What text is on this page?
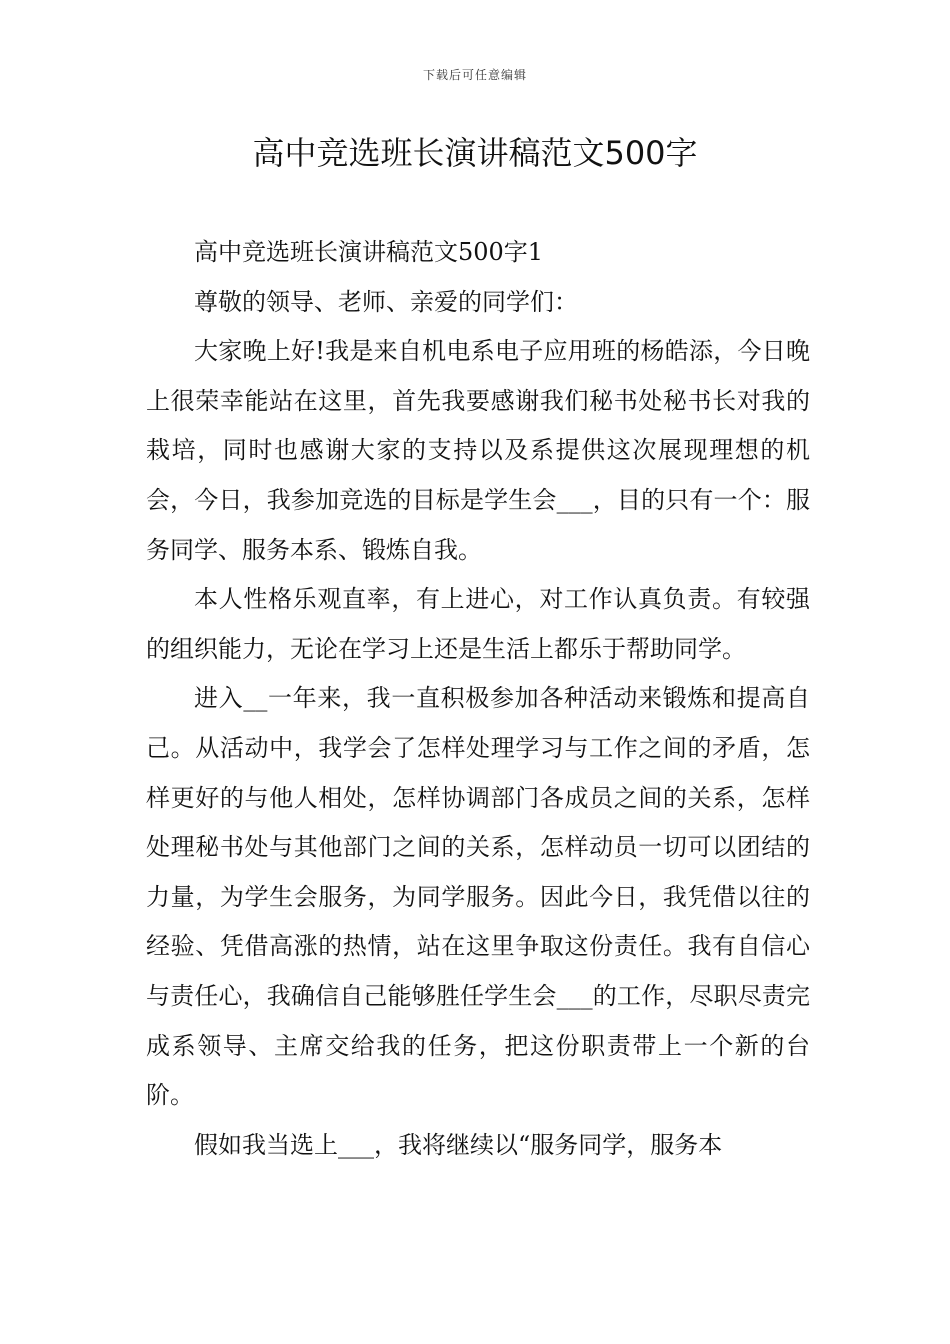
下载后可任意编辑
高中竞选班长演讲稿范文500字

高中竞选班长演讲稿范文500字1

尊敬的领导、老师、亲爱的同学们：

大家晚上好!我是来自机电系电子应用班的杨皓添，今日晚上很荣幸能站在这里，首先我要感谢我们秘书处秘书长对我的栽培，同时也感谢大家的支持以及系提供这次展现理想的机会，今日，我参加竞选的目标是学生会___，目的只有一个：服务同学、服务本系、锻炼自我。

本人性格乐观直率，有上进心，对工作认真负责。有较强的组织能力，无论在学习上还是生活上都乐于帮助同学。

进入__一年来，我一直积极参加各种活动来锻炼和提高自己。从活动中，我学会了怎样处理学习与工作之间的矛盾，怎样更好的与他人相处，怎样协调部门各成员之间的关系，怎样处理秘书处与其他部门之间的关系，怎样动员一切可以团结的力量，为学生会服务，为同学服务。因此今日，我凭借以往的经验、凭借高涨的热情，站在这里争取这份责任。我有自信心与责任心，我确信自己能够胜任学生会___的工作，尽职尽责完成系领导、主席交给我的任务，把这份职责带上一个新的台阶。

假如我当选上___，我将继续以“服务同学，服务本
